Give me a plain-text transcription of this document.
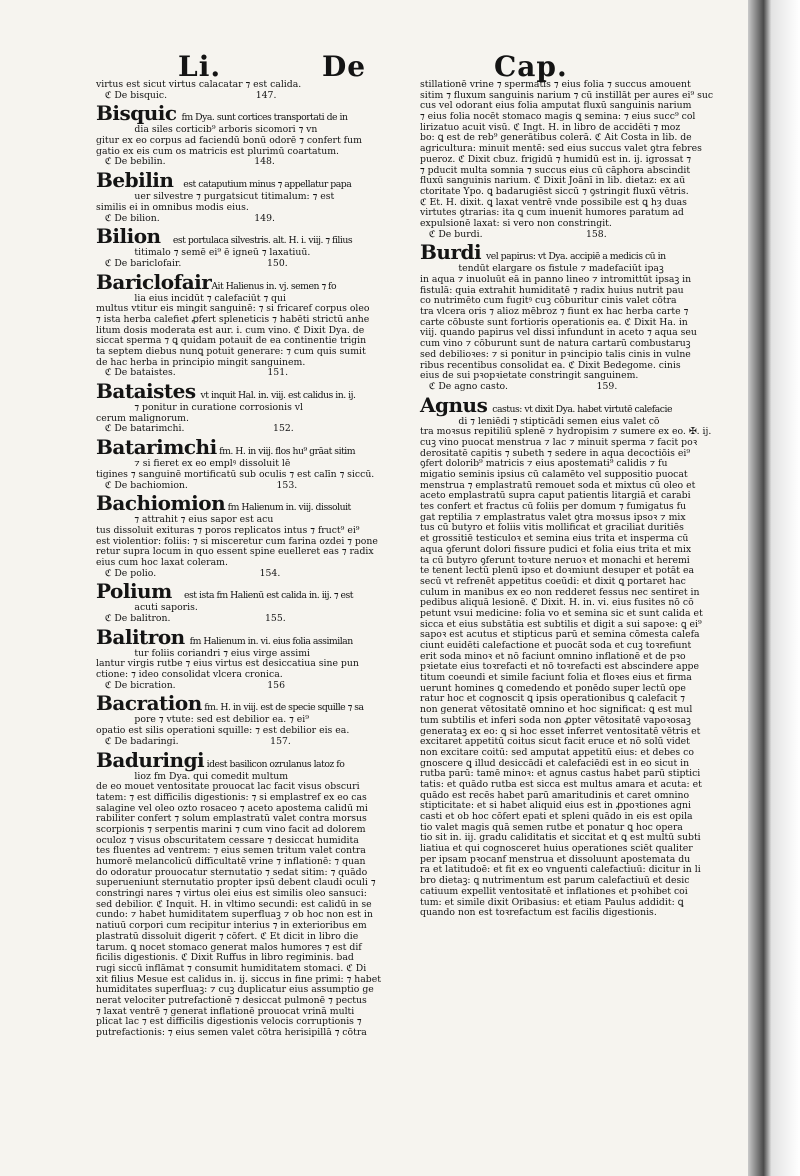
Li.	De	Cap.
virtus est sicut virtus calacatar ⁊ est calida.
ℭ De bisquic.                              147.
Bisquic  fm Dya. sunt cortices transportati de in
dia siles corticib⁹ arboris sicomori ⁊ vn
gitur ex eo corpus ad faciendū bonū odorē ⁊ confert fum
gatio ex eis cum os matricis est plurimū coartatum.
ℭ De bebilin.                              148.
Bebilin    est cataputium minus ⁊ appellatur papa
uer silvestre ⁊ purgatsicut titimalum: ⁊ est
similis ei in omnibus modis eius.
ℭ De bilion.                                149.
Bilion     est portulaca silvestris. alt. H. i. viij. ⁊ filius
titimalo ⁊ semē ei⁹ ē igneū ⁊ laxatiuū.
ℭ De bariclofair.                             150.
BariclofairAit Halienus in. vj. semen ⁊ fo
lia eius incidūt ⁊ calefaciūt ⁊ qui
multus vtitur eis mingit sanguinē: ⁊ si fricaref corpus oleo
⁊ ista herba calefiet ꝓfert spleneticis ⁊ habēti strictū anhe
litum dosis moderata est aur. i. cum vino. ℭ Dixit Dya. de
siccat sperma ⁊ ꝗ quidam potauit de ea continentie trigin
ta septem diebus nunꝗ potuit generare: ⁊ cum quis sumit
de hac herba in principio mingit sanguinem.
ℭ De bataistes.                               151.
Bataistes  vt inquit Hal. in. viij. est calidus in. ij.
⁊ ponitur in curatione corrosionis vl
cerum malignorum.
ℭ De batarimchi.                              152.
Batarimchi fm. H. in viij. flos hu⁹ grāat sitim
⁊ si fieret ex eo emplꝰ dissoluit lē
tigines ⁊ sanguinē mortificatū sub oculis ⁊ est calīn ⁊ siccū.
ℭ De bachiomion.                              153.
Bachiomion fm Halienum in. viij. dissoluit
⁊ attrahit ⁊ eius sapor est acu
tus dissoluit exituras ⁊ poros replicatos intus ⁊ fruct⁹ ei⁹
est violentior: foliis: ⁊ si misceretur cum farina ozdei ⁊ pone
retur supra locum in quo essent spine euelleret eas ⁊ radix
eius cum hoc laxat coleram.
ℭ De polio.                                   154.
Polium     est ista fm Halienū est calida in. iij. ⁊ est
acuti saporis.
ℭ De balitron.                                155.
Balitron  fm Halienum in. vi. eius folia assimilan
tur foliis coriandri ⁊ eius virge assimi
lantur virgis rutbe ⁊ eius virtus est desiccatiua sine pun
ctione: ⁊ ideo consolidat vlcera cronica.
ℭ De bicration.                               156
Bacration fm. H. in viij. est de specie squille ⁊ sa
pore ⁊ vtute: sed est debilior ea. ⁊ ei⁹
opatio est silis operationi squille: ⁊ est debilior eis ea.
ℭ De badaringi.                               157.
Baduringi idest basilicon ozrulanus latoz fo
lioz fm Dya. qui comedit multum
de eo mouet ventositate prouocat lac facit visus obscuri
tatem: ⁊ est difficilis digestionis: ⁊ si emplastref ex eo cas
salagine vel oleo ozto rosaceo ⁊ aceto apostema calidū mi
rabiliter confert ⁊ solum emplastratū valet contra morsus
scorpionis ⁊ serpentis marini ⁊ cum vino facit ad dolorem
oculoz ⁊ visus obscuritatem cessare ⁊ desiccat humidita
tes fluentes ad ventrem: ⁊ eius semen tritum valet contra
humorē melancolicū difficultatē vrine ⁊ inflationē: ⁊ quan
do odoratur prouocatur sternutatio ⁊ sedat sitim: ⁊ quādo
superueniunt sternutatio propter ipsū debent claudi oculi ⁊
constringi nares ⁊ virtus olei eius est similis oleo sansuci:
sed debilior. ℭ Inquit. H. in vltimo secundi: est calidū in se
cundo: ⁊ habet humiditatem superfluaꝫ ⁊ ob hoc non est in
natiuū corpori cum recipitur interius ⁊ in exterioribus em
plastratū dissoluit digerit ⁊ cōfert. ℭ Et dicit in libro die
tarum. ꝗ nocet stomaco generat malos humores ⁊ est dif
ficilis digestionis. ℭ Dixit Ruffus in libro regiminis. bad
rugi siccū inflāmat ⁊ consumit humiditatem stomaci. ℭ Di
xit filius Mesue est calidus in. ij. siccus in fine primi: ⁊ habet
humiditates superfluaꝫ: ⁊ cuꝫ duplicatur eius assumptio ge
nerat velociter putrefactionē ⁊ desiccat pulmonē ⁊ pectus
⁊ laxat ventrē ⁊ generat inflationē prouocat vrinā multi
plicat lac ⁊ est difficilis digestionis velocis corruptionis ⁊
putrefactionis: ⁊ eius semen valet cōtra herisipillā ⁊ cōtra
stillationē vrine ⁊ spermatis ⁊ eius folia ⁊ succus amouent
sitim ⁊ fluxum sanguinis narium ⁊ cū instillāt per aures ei⁹ suc
cus vel odorant eius folia amputat fluxū sanguinis narium
⁊ eius folia nocēt stomaco magis ꝗ semina: ⁊ eius succ⁹ col
lirizatuo acuit visū. ℭ Ingt. H. in libro de accidēti ⁊ moz
bo: ꝗ est de reb⁹ generātibus colerā. ℭ Ait Costa in lib. de
agricultura: minuit mentē: sed eius succus valet ꝯtra febres
pueroz. ℭ Dixit cbuz. frigidū ⁊ humidū est in. ij. igrossat ⁊
⁊ pducit multa somnia ⁊ succus eius cū cāphora abscindit
fluxū sanguinis narium. ℭ Dixit Joānī in lib. dietaz: ex aū
ctoritate Ypo. ꝗ badarugiēst siccū ⁊ ꝯstringit fluxū vētris.
ℭ Et. H. dixit. ꝗ laxat ventrē vnde possibile est ꝗ hȝ duas
virtutes ꝯtrarias: ita ꝗ cum inuenit humores paratum ad
expulsionē laxat: si vero non constringit.
ℭ De burdi.                                   158.
Burdi  vel papirus: vt Dya. accipiē a medicis cū in
tendūt elargare os fistule ⁊ madefaciūt ipaꝫ
in aqua ⁊ inuoluūt eā in panno lineo ⁊ intromittūt ipsaꝫ in
fistulā: quia extrahit humiditatē ⁊ radix huius nutrit pau
co nutrimēto cum fugitꝰ cuꝫ cōburitur cinis valet cōtra
tra vlcera oris ⁊ alioz mēbroz ⁊ fiunt ex hac herba carte ⁊
carte cōbuste sunt fortioris operationis ea. ℭ Dixit Ha. in
viij. quando papirus vel dissi infundunt in aceto ⁊ aqua seu
cum vino ⁊ cōburunt sunt de natura cartarū combustaruꝫ
sed debilioꝛes: ⁊ si ponitur in pꝛincipio talis cinis in vulne
ribus recentibus consolidat ea. ℭ Dixit Bedegome. cinis
eius de sui pꝛopꝛietate constringit sanguinem.
ℭ De agno casto.                              159.
Agnus  castus: vt dixit Dya. habet virtutē calefacie
di ⁊ leniēdi ⁊ stipticādi semen eius valet cō
tra moꝛsus repitiliū splenē ⁊ hydropisim ⁊ sumere ex eo. ✠. ij.
cuꝫ vino puocat menstrua ⁊ lac ⁊ minuit sperma ⁊ facit poꝛ
derositatē capitis ⁊ subeth ⁊ sedere in aqua decoctiōis ei⁹
ꝯfert dolorib⁹ matricis ⁊ eius apostemati⁹ calidis ⁊ fu
migatio seminis ipsius cū calamēto vel suppositio puocat
menstrua ⁊ emplastratū remouet soda et mixtus cū oleo et
aceto emplastratū supra caput patientis litargiā et carabi
tes confert et fractus cū foliis per domum ⁊ fumigatus fu
gat reptilia ⁊ emplastratus valet ꝯtra moꝛsus ipsoꝛ ⁊ mix
tus cū butyro et foliis vitis mollificat et graciliat duritiēs
et grossitiē testiculoꝛ et semina eius trita et insperma cū
aqua ꝯferunt dolori fissure pudici et folia eius trita et mix
ta cū butyro ꝯferunt toꝛture neruoꝛ et monachi et heremi
te tenent lectū plenū ipso et doꝛmiunt desuper et potāt ea
secū vt refrenēt appetitus coeūdi: et dixit ꝗ portaret hac
culum in manibus ex eo non redderet fessus nec sentiret in
pedibus aliquā lesionē. ℭ Dixit. H. in. vi. eius fusites nō cō
petunt vsui medicine: folia vo et semina sic et sunt calida et
sicca et eius substātia est subtilis et digit a sui sapoꝛe: ꝗ ei⁹
sapoꝛ est acutus et stipticus parū et semina cōmesta calefa
ciunt euidēti calefactione et puocāt soda et cuꝫ toꝛrefiunt
erit soda minoꝛ et nō faciunt omnino inflationē et de pꝛo
pꝛietate eius toꝛrefacti et nō toꝛrefacti est abscindere appe
titum coeundi et simile faciunt folia et floꝛes eius et firma
uerunt homines ꝗ comedendo et ponēdo super lectū ope
ratur hoc et cognoscit ꝗ ipsis operationibus ꝗ calefacit ⁊
non generat vētositatē omnino et hoc significat: ꝗ est mul
tum subtilis et inferi soda non ꝓpter vētositatē vapoꝛosaꝫ
generataꝫ ex eo: ꝗ si hoc esset inferret ventositatē vētris et
excitaret appetitū coitus sicut facit eruce et nō solū videt
non excitare coitū: sed amputat appetitū eius: et debes co
gnoscere ꝗ illud desiccādi et calefaciēdi est in eo sicut in
rutba parū: tamē minoꝛ: et agnus castus habet parū stiptici
tatis: et quādo rutba est sicca est multus amara et acuta: et
quādo est recēs habet parū amaritudinis et caret omnino
stipticitate: et si habet aliquid eius est in ꝓpoꝛtiones agni
casti et ob hoc cōfert epati et spleni quādo in eis est opila
tio valet magis quā semen rutbe et ponatur ꝗ hoc opera
tio sit in. iij. gradu caliditatis et siccitat et ꝗ est multū subti
liatiua et qui cognosceret huius operationes sciēt qualiter
per ipsam pꝛocanf menstrua et dissoluunt apostemata du
ra et latitudoē: et fit ex eo vnguenti calefactiuū: dicitur in li
bro dietaꝫ: ꝗ nutrimentum est parum calefactiuū et desic
catiuum expellit ventositatē et inflationes et pꝛohibet coi
tum: et simile dixit Oribasius: et etiam Paulus addidit: ꝗ
quando non est toꝛrefactum est facilis digestionis.
